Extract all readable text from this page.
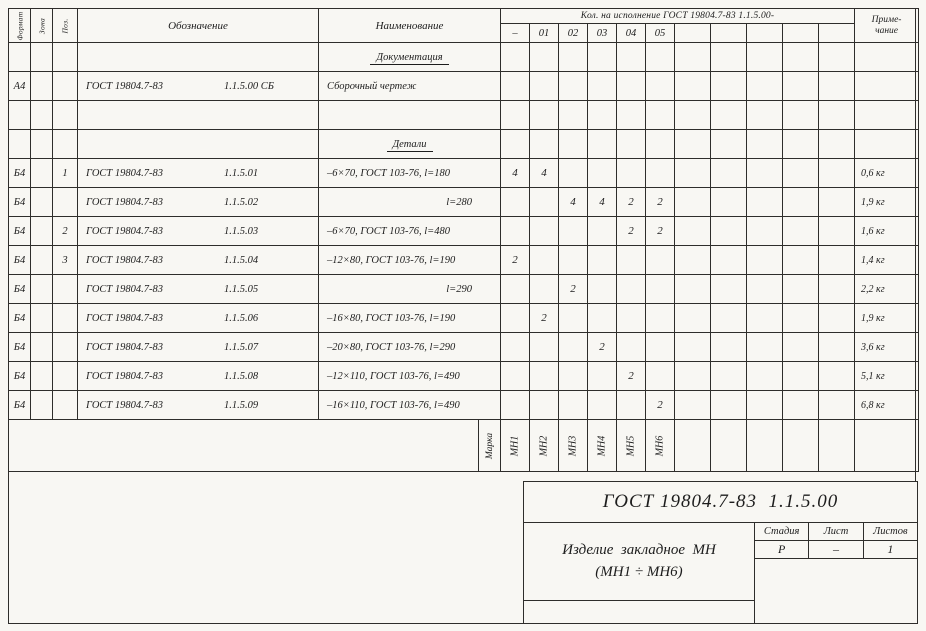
Формат	Зона	Поз.	Обозначение	Наименование		Кол. на исполнение ГОСТ 19804.7-83 1.1.5.00-											Приме-
чание
						–	01	02	03	04	05						
				Документация													
А4			ГОСТ 19804.7-83 1.1.5.00 СБ	Сборочный чертеж													

				Детали													
Б4		1	ГОСТ 19804.7-83 1.1.5.01	–6×70, ГОСТ 103-76, l=180		4	4										0,6 кг
Б4			ГОСТ 19804.7-83 1.1.5.02	l=280				4	4	2	2						1,9 кг
Б4		2	ГОСТ 19804.7-83 1.1.5.03	–6×70, ГОСТ 103-76, l=480						2	2						1,6 кг
Б4		3	ГОСТ 19804.7-83 1.1.5.04	–12×80, ГОСТ 103-76, l=190		2											1,4 кг
Б4			ГОСТ 19804.7-83 1.1.5.05	l=290				2									2,2 кг
Б4			ГОСТ 19804.7-83 1.1.5.06	–16×80, ГОСТ 103-76, l=190			2										1,9 кг
Б4			ГОСТ 19804.7-83 1.1.5.07	–20×80, ГОСТ 103-76, l=290					2								3,6 кг
Б4			ГОСТ 19804.7-83 1.1.5.08	–12×110, ГОСТ 103-76, l=490						2							5,1 кг
Б4			ГОСТ 19804.7-83 1.1.5.09	–16×110, ГОСТ 103-76, l=490							2						6,8 кг

					Марка	МН1	МН2	МН3	МН4	МН5	МН6						

ГОСТ 19804.7-83  1.1.5.00
Изделие  закладное  МН
(МН1 ÷ МН6)
Стадия	Лист	Листов
Р	–	1
